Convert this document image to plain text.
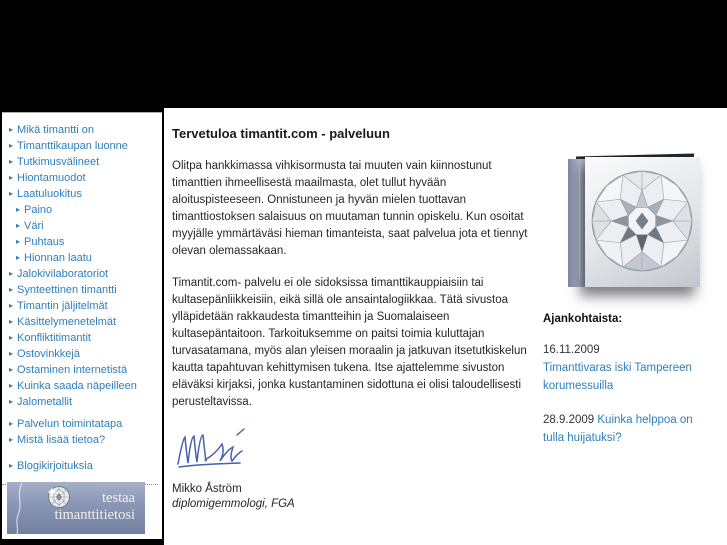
▸ Mikä timantti on
▸ Timanttikaupan luonne
▸ Tutkimusvälineet
▸ Hiontamuodot
▸ Laatuluokitus
▸ Paino
▸ Väri
▸ Puhtaus
▸ Hionnan laatu
▸ Jalokivilaboratoriot
▸ Synteettinen timantti
▸ Timantin jäljitelmät
▸ Käsittelymenetelmät
▸ Konfliktitimantit
▸ Ostovinkkejä
▸ Ostaminen internetistä
▸ Kuinka saada näpeilleen
▸ Jalometallit
▸ Palvelun toimintatapa
▸ Mistä lisää tietoa?
▸ Blogikirjoituksia
testaa
timanttitietosi
Tervetuloa timantit.com - palveluun

Olitpa hankkimassa vihkisormusta tai muuten vain kiinnostunut timanttien ihmeellisestä maailmasta, olet tullut hyvään aloituspisteeseen. Onnistuneen ja hyvän mielen tuottavan timanttiostoksen salaisuus on muutaman tunnin opiskelu. Kun osoitat myyjälle ymmärtäväsi hieman timanteista, saat palvelua jota et tiennyt olevan olemassakaan.

Timantit.com- palvelu ei ole sidoksissa timanttikauppiaisiin tai kultasepänliikkeisiin, eikä sillä ole ansaintalogiikkaa. Tätä sivustoa ylläpidetään rakkaudesta timantteihin ja Suomalaiseen kultasepäntaitoon. Tarkoituksemme on paitsi toimia kuluttajan turvasatamana, myös alan yleisen moraalin ja jatkuvan itsetutkiskelun kautta tapahtuvan kehittymisen tukena. Itse ajattelemme sivuston eläväksi kirjaksi, jonka kustantaminen sidottuna ei olisi taloudellisesti perusteltavissa.

Mikko Åström
diplomigemmologi, FGA
Ajankohtaista:
16.11.2009
Timanttivaras iski Tampereen korumessuilla

28.9.2009 Kuinka helppoa on tulla huijatuksi?
